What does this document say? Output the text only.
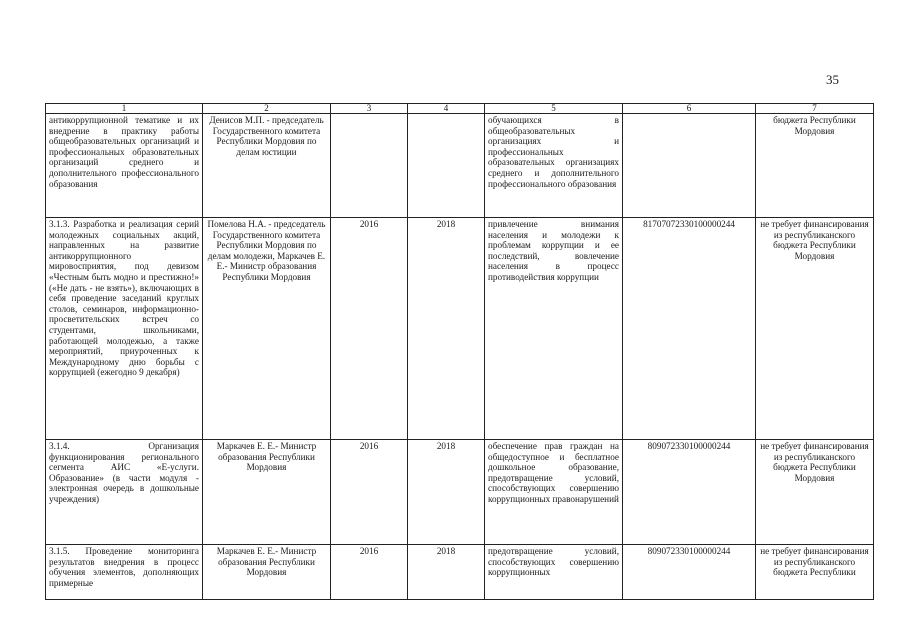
35
1	2	3	4	5	6	7
антикоррупционной тематике и их внедрение в практику работы общеобразовательных организаций и профессиональных образовательных организаций среднего и дополнительного профессионального образования	Денисов М.П. - председатель Государственного комитета Республики Мордовия по делам юстиции			обучающихся в общеобразовательных организациях и профессиональных образовательных организациях среднего и дополнительного профессионального образования		бюджета Республики Мордовия
3.1.3. Разработка и реализация серий молодежных социальных акций, направленных на развитие антикоррупционного мировосприятия, под девизом «Честным быть модно и престижно!» («Не дать - не взять»), включающих в себя проведение заседаний круглых столов, семинаров, информационно-просветительских встреч со студентами, школьниками, работающей молодежью, а также мероприятий, приуроченных к Международному дню борьбы с коррупцией (ежегодно 9 декабря)	Помелова Н.А. - председатель Государственного комитета Республики Мордовия по делам молодежи, Маркачев Е. Е.- Министр образования Республики Мордовия	2016	2018	привлечение внимания населения и молодежи к проблемам коррупции и ее последствий, вовлечение населения в процесс противодействия коррупции	81707072330100000244	не требует финансирования из республиканского бюджета Республики Мордовия
3.1.4. Организация функционирования регионального сегмента АИС «Е-услуги. Образование» (в части модуля - электронная очередь в дошкольные учреждения)	Маркачев Е. Е.- Министр образования Республики Мордовия	2016	2018	обеспечение прав граждан на общедоступное и бесплатное дошкольное образование, предотвращение условий, способствующих совершению коррупционных правонарушений	809072330100000244	не требует финансирования из республиканского бюджета Республики Мордовия
3.1.5. Проведение мониторинга результатов внедрения в процесс обучения элементов, дополняющих примерные	Маркачев Е. Е.- Министр образования Республики Мордовия	2016	2018	предотвращение условий, способствующих совершению коррупционных	809072330100000244	не требует финансирования из республиканского бюджета Республики
